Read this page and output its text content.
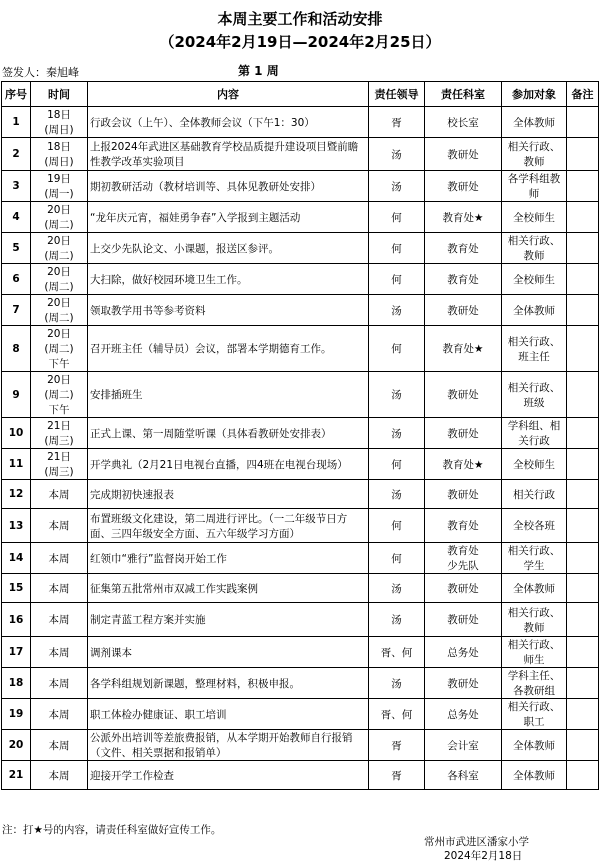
本周主要工作和活动安排
（2024年2月19日—2024年2月25日）
签发人：秦旭峰	第 1 周
序号	时间	内容	责任领导	责任科室	参加对象	备注
1	18日
(周日)	行政会议（上午）、全体教师会议（下午1：30）	胥	校长室	全体教师	
2	18日
(周日)	上报2024年武进区基础教育学校品质提升建设项目暨前瞻性教学改革实验项目	汤	教研处	相关行政、教师	
3	19日
(周一)	期初教研活动（教材培训等、具体见教研处安排）	汤	教研处	各学科组教师	
4	20日
(周二)	“龙年庆元宵，福娃勇争春”入学报到主题活动	何	教育处★	全校师生	
5	20日
(周二)	上交少先队论文、小课题，报送区参评。	何	教育处	相关行政、教师	
6	20日
(周二)	大扫除，做好校园环境卫生工作。	何	教育处	全校师生	
7	20日
(周二)	领取教学用书等参考资料	汤	教研处	全体教师	
8	20日
(周二)
下午	召开班主任（辅导员）会议，部署本学期德育工作。	何	教育处★	相关行政、班主任	
9	20日
(周二)
下午	安排插班生	汤	教研处	相关行政、班级	
10	21日
(周三)	正式上课、第一周随堂听课（具体看教研处安排表）	汤	教研处	学科组、相关行政	
11	21日
(周三)	开学典礼（2月21日电视台直播，四4班在电视台现场）	何	教育处★	全校师生	
12	本周	完成期初快速报表	汤	教研处	相关行政	
13	本周	布置班级文化建设，第二周进行评比。（一二年级节日方面、三四年级安全方面、五六年级学习方面）	何	教育处	全校各班	
14	本周	红领巾“雅行”监督岗开始工作	何	教育处
少先队	相关行政、学生	
15	本周	征集第五批常州市双减工作实践案例	汤	教研处	全体教师	
16	本周	制定青蓝工程方案并实施	汤	教研处	相关行政、教师	
17	本周	调剂课本	胥、何	总务处	相关行政、师生	
18	本周	各学科组规划新课题，整理材料，积极申报。	汤	教研处	学科主任、各教研组	
19	本周	职工体检办健康证、职工培训	胥、何	总务处	相关行政、职工	
20	本周	公派外出培训等差旅费报销，从本学期开始教师自行报销（文件、相关票据和报销单）	胥	会计室	全体教师	
21	本周	迎接开学工作检查	胥	各科室	全体教师	
注：打★号的内容，请责任科室做好宣传工作。
常州市武进区潘家小学
2024年2月18日
